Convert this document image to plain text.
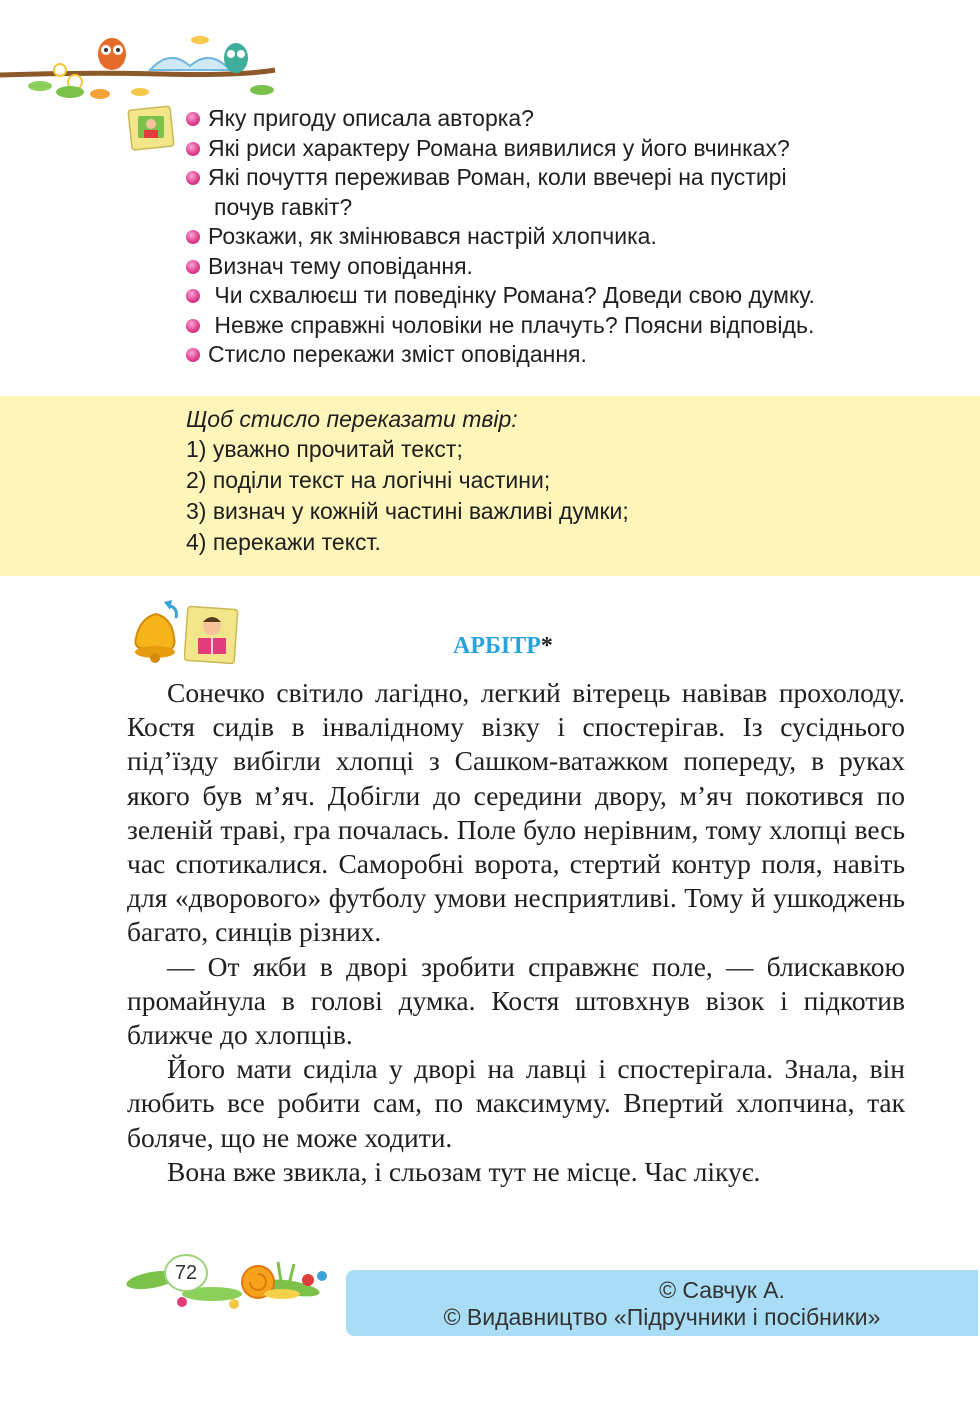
Яку пригоду описала авторка?
Які риси характеру Романа виявилися у його вчинках?
Які почуття переживав Роман, коли ввечері на пустирі
почув гавкіт?
Розкажи, як змінювався настрій хлопчика.
Визнач тему оповідання.
Чи схвалюєш ти поведінку Романа? Доведи свою думку.
Невже справжні чоловіки не плачуть? Поясни відповідь.
Стисло перекажи зміст оповідання.
Щоб стисло переказати твір:
1) уважно прочитай текст;
2) поділи текст на логічні частини;
3) визнач у кожній частині важливі думки;
4) перекажи текст.
АРБІТР*

Сонечко світило лагідно, легкий вітерець навівав прохолоду. Костя сидів в інвалідному візку і спостерігав. Із сусіднього під’їзду вибігли хлопці з Сашком-ватажком попереду, в руках якого був м’яч. Добігли до середини двору, м’яч покотився по зеленій траві, гра почалась. Поле було нерівним, тому хлопці весь час спотикалися. Саморобні ворота, стертий контур поля, навіть для «дворового» футболу умови несприятливі. Тому й ушкоджень багато, синців різних.

— От якби в дворі зробити справжнє поле, — блискавкою промайнула в голові думка. Костя штовхнув візок і підкотив ближче до хлопців.

Його мати сиділа у дворі на лавці і спостерігала. Знала, він любить все робити сам, по максимуму. Впертий хлопчина, так боляче, що не може ходити.

Вона вже звикла, і сльозам тут не місце. Час лікує.

72
© Савчук А.
© Видавництво «Підручники і посібники»
